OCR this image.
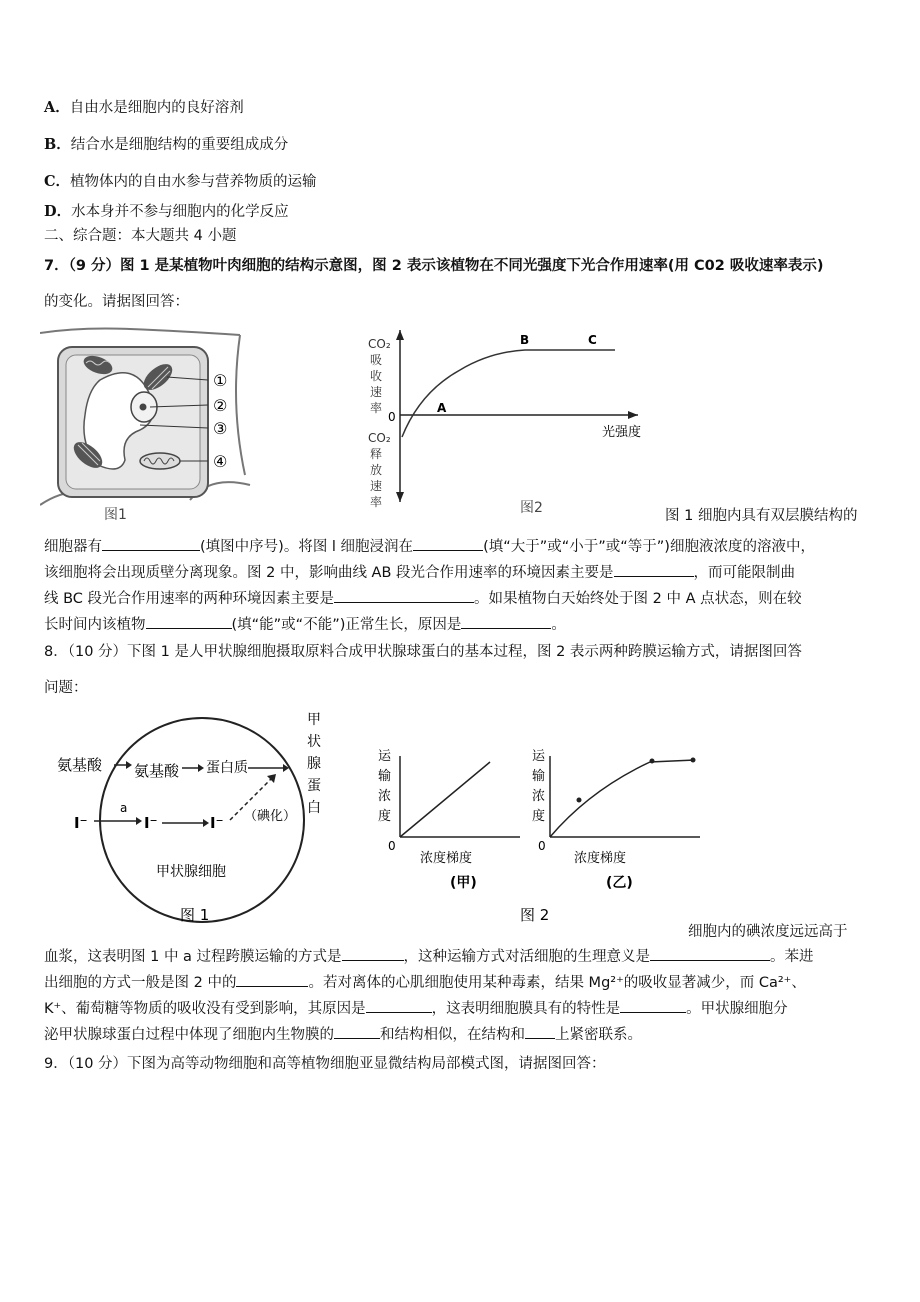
A．自由水是细胞内的良好溶剂
B．结合水是细胞结构的重要组成成分
C．植物体内的自由水参与营养物质的运输
D．水本身并不参与细胞内的化学反应
二、综合题：本大题共 4 小题
7．（9 分）图 1 是某植物叶肉细胞的结构示意图，图 2 表示该植物在不同光强度下光合作用速率(用 C02 吸收速率表示)
的变化。请据图回答：
①
②
③
④
图1
CO₂
吸
收
速
率
CO₂
释
放
速
率
0
A
B	C
光强度
图2	图 1 细胞内具有双层膜结构的
细胞器有	(填图中序号)。将图 l 细胞浸润在	(填“大于”或“小于”或“等于”)细胞液浓度的溶液中，
该细胞将会出现质壁分离现象。图 2 中，影响曲线 AB 段光合作用速率的环境因素主要是	，而可能限制曲
线 BC 段光合作用速率的两种环境因素主要是	。如果植物白天始终处于图 2 中 A 点状态，则在较
长时间内该植物	(填“能”或“不能”)正常生长，原因是	。
8．（10 分）下图 1 是人甲状腺细胞摄取原料合成甲状腺球蛋白的基本过程，图 2 表示两种跨膜运输方式，请据图回答
问题：
氨基酸 氨基酸 蛋白质
甲
状
腺
蛋
白
I⁻
a
I⁻	I⁻ （碘化）
甲状腺细胞
图 1
运
输
浓
度
0
浓度梯度
(甲)
运
输
浓
度
0
浓度梯度
(乙)
图 2
细胞内的碘浓度远远高于
血浆，这表明图 1 中 a 过程跨膜运输的方式是	，这种运输方式对活细胞的生理意义是	。苯进
出细胞的方式一般是图 2 中的	。若对离体的心肌细胞使用某种毒素，结果 Mg²⁺的吸收显著减少，而 Ca²⁺、
K⁺、葡萄糖等物质的吸收没有受到影响，其原因是	，这表明细胞膜具有的特性是	。甲状腺细胞分
泌甲状腺球蛋白过程中体现了细胞内生物膜的	和结构相似，在结构和 上紧密联系。
9．（10 分）下图为高等动物细胞和高等植物细胞亚显微结构局部模式图，请据图回答：
